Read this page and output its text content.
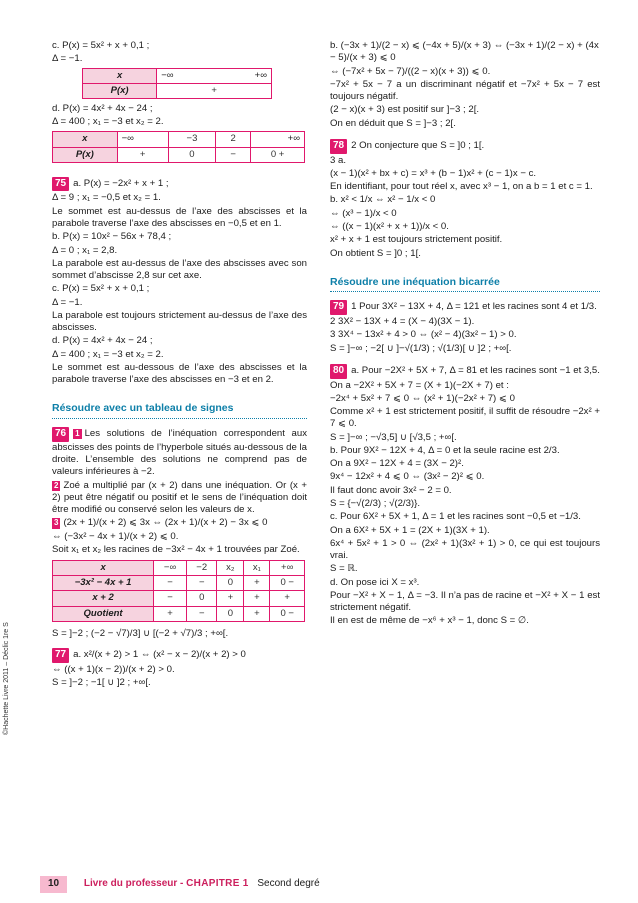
c. P(x) = 5x² + x + 0,1 ;

Δ = −1.

x	−∞	+∞
P(x)	+	

d. P(x) = 4x² + 4x − 24 ;

Δ = 400 ; x₁ = −3 et x₂ = 2.

x	−∞	−3	2	+∞
P(x)	+	0	−	0 +

75 a. P(x) = −2x² + x + 1 ;

Δ = 9 ; x₁ = −0,5 et x₂ = 1.

Le sommet est au-dessus de l’axe des abscisses et la parabole traverse l’axe des abscisses en −0,5 et en 1.

b. P(x) = 10x² − 56x + 78,4 ;

Δ = 0 ; x₁ = 2,8.

La parabole est au-dessus de l’axe des abscisses avec son sommet d’abscisse 2,8 sur cet axe.

c. P(x) = 5x² + x + 0,1 ;

Δ = −1.

La parabole est toujours strictement au-dessus de l’axe des abscisses.

d. P(x) = 4x² + 4x − 24 ;

Δ = 400 ; x₁ = −3 et x₂ = 2.

Le sommet est au-dessous de l’axe des abscisses et la parabole traverse l’axe des abscisses en −3 et en 2.

Résoudre avec un tableau de signes

76 1 Les solutions de l’inéquation correspondent aux abscisses des points de l’hyperbole situés au-dessous de la droite. L’ensemble des solutions ne comprend pas de valeurs inférieures à −2.

2 Zoé a multiplié par (x + 2) dans une inéquation. Or (x + 2) peut être négatif ou positif et le sens de l’inéquation doit être modifié ou conservé selon les valeurs de x.

3 (2x + 1)/(x + 2) ⩽ 3x ⇔ (2x + 1)/(x + 2) − 3x ⩽ 0

⇔ (−3x² − 4x + 1)/(x + 2) ⩽ 0.

Soit x₁ et x₂ les racines de −3x² − 4x + 1 trouvées par Zoé.

x	−∞	−2	x₂	x₁	+∞
−3x² − 4x + 1	−	−	0	+	0 −
x + 2	−	0	+	+	+
Quotient	+	−	0	+	0 −

S = ]−2 ; (−2 − √7)/3] ∪ [(−2 + √7)/3 ; +∞[.

77 a. x²/(x + 2) > 1 ⇔ (x² − x − 2)/(x + 2) > 0

⇔ ((x + 1)(x − 2))/(x + 2) > 0.

S = ]−2 ; −1[ ∪ ]2 ; +∞[.

©Hachette Livre 2011 – Déclic 1re S

b. (−3x + 1)/(2 − x) ⩽ (−4x + 5)/(x + 3) ⇔ (−3x + 1)/(2 − x) + (4x − 5)/(x + 3) ⩽ 0

⇔ (−7x² + 5x − 7)/((2 − x)(x + 3)) ⩽ 0.

−7x² + 5x − 7 a un discriminant négatif et −7x² + 5x − 7 est toujours négatif.

(2 − x)(x + 3) est positif sur ]−3 ; 2[.

On en déduit que S = ]−3 ; 2[.

78 2 On conjecture que S = ]0 ; 1[.

3 a.

(x − 1)(x² + bx + c) = x³ + (b − 1)x² + (c − 1)x − c.

En identifiant, pour tout réel x, avec x³ − 1, on a b = 1 et c = 1.

b. x² < 1/x ⇔ x² − 1/x < 0

⇔ (x³ − 1)/x < 0

⇔ ((x − 1)(x² + x + 1))/x < 0.

x² + x + 1 est toujours strictement positif.

On obtient S = ]0 ; 1[.

Résoudre une inéquation bicarrée

79 1 Pour 3X² − 13X + 4, Δ = 121 et les racines sont 4 et 1/3.

2 3X² − 13X + 4 = (X − 4)(3X − 1).

3 3X⁴ − 13x² + 4 > 0 ⇔ (x² − 4)(3x² − 1) > 0.

S = ]−∞ ; −2[ ∪ ]−√(1/3) ; √(1/3)[ ∪ ]2 ; +∞[.

80 a. Pour −2X² + 5X + 7, Δ = 81 et les racines sont −1 et 3,5.

On a −2X² + 5X + 7 = (X + 1)(−2X + 7) et :

−2x⁴ + 5x² + 7 ⩽ 0 ⇔ (x² + 1)(−2x² + 7) ⩽ 0

Comme x² + 1 est strictement positif, il suffit de résoudre −2x² + 7 ⩽ 0.

S = ]−∞ ; −√3,5] ∪ [√3,5 ; +∞[.

b. Pour 9X² − 12X + 4, Δ = 0 et la seule racine est 2/3.

On a 9X² − 12X + 4 = (3X − 2)².

9x⁴ − 12x² + 4 ⩽ 0 ⇔ (3x² − 2)² ⩽ 0.

Il faut donc avoir 3x² − 2 = 0.

S = {−√(2/3) ; √(2/3)}.

c. Pour 6X² + 5X + 1, Δ = 1 et les racines sont −0,5 et −1/3.

On a 6X² + 5X + 1 = (2X + 1)(3X + 1).

6x⁴ + 5x² + 1 > 0 ⇔ (2x² + 1)(3x² + 1) > 0, ce qui est toujours vrai.

S = ℝ.

d. On pose ici X = x³.

Pour −X² + X − 1, Δ = −3. Il n’a pas de racine et −X² + X − 1 est strictement négatif.

Il en est de même de −x⁶ + x³ − 1, donc S = ∅.

10 Livre du professeur - CHAPITRE 1 Second degré
